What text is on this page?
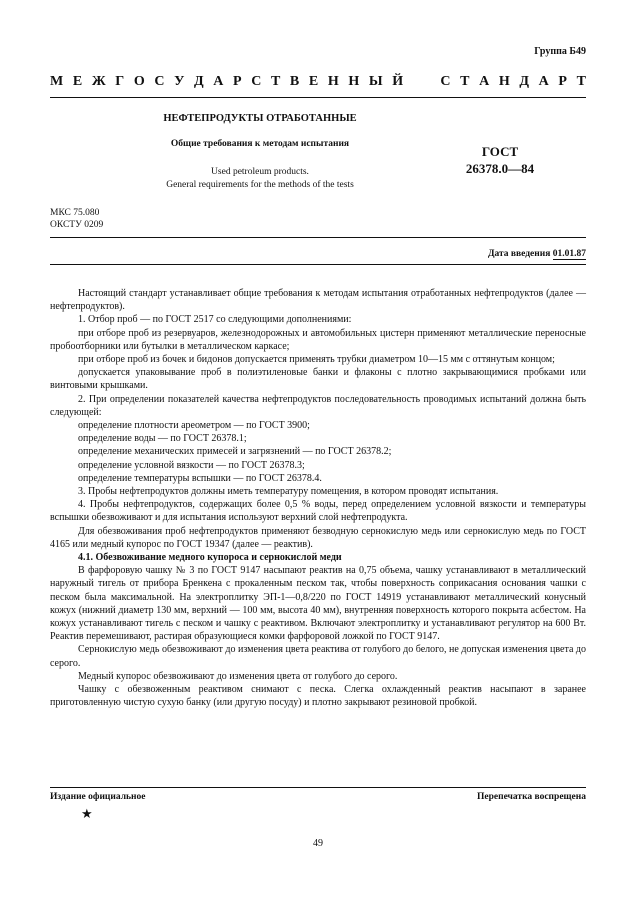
Группа Б49
М Е Ж Г О С У Д А Р С Т В Е Н Н Ы Й	С Т А Н Д А Р Т
НЕФТЕПРОДУКТЫ ОТРАБОТАННЫЕ
Общие требования к методам испытания
Used petroleum products.
General requirements for the methods of the tests
ГОСТ
26378.0—84
МКС 75.080
ОКСТУ 0209
Дата введения 01.01.87

Настоящий стандарт устанавливает общие требования к методам испытания отработанных нефтепродуктов (далее — нефтепродуктов).

1. Отбор проб — по ГОСТ 2517 со следующими дополнениями:

при отборе проб из резервуаров, железнодорожных и автомобильных цистерн применяют металлические переносные пробоотборники или бутылки в металлическом каркасе;

при отборе проб из бочек и бидонов допускается применять трубки диаметром 10—15 мм с оттянутым концом;

допускается упаковывание проб в полиэтиленовые банки и флаконы с плотно закрывающимися пробками или винтовыми крышками.

2. При определении показателей качества нефтепродуктов последовательность проводимых испытаний должна быть следующей:

определение плотности ареометром — по ГОСТ 3900;

определение воды — по ГОСТ 26378.1;

определение механических примесей и загрязнений — по ГОСТ 26378.2;

определение условной вязкости — по ГОСТ 26378.3;

определение температуры вспышки — по ГОСТ 26378.4.

3. Пробы нефтепродуктов должны иметь температуру помещения, в котором проводят испытания.

4. Пробы нефтепродуктов, содержащих более 0,5 % воды, перед определением условной вязкости и температуры вспышки обезвоживают и для испытания используют верхний слой нефтепродукта.

Для обезвоживания проб нефтепродуктов применяют безводную сернокислую медь или сернокислую медь по ГОСТ 4165 или медный купорос по ГОСТ 19347 (далее — реактив).

4.1. Обезвоживание медного купороса и сернокислой меди

В фарфоровую чашку № 3 по ГОСТ 9147 насыпают реактив на 0,75 объема, чашку устанавливают в металлический наружный тигель от прибора Бренкена с прокаленным песком так, чтобы поверхность соприкасания основания чашки с песком была максимальной. На электроплитку ЭП-1—0,8/220 по ГОСТ 14919 устанавливают металлический конусный кожух (нижний диаметр 130 мм, верхний — 100 мм, высота 40 мм), внутренняя поверхность которого покрыта асбестом. На кожух устанавливают тигель с песком и чашку с реактивом. Включают электроплитку и устанавливают регулятор на 600 Вт. Реактив перемешивают, растирая образующиеся комки фарфоровой ложкой по ГОСТ 9147.

Сернокислую медь обезвоживают до изменения цвета реактива от голубого до белого, не допуская изменения цвета до серого.

Медный купорос обезвоживают до изменения цвета от голубого до серого.

Чашку с обезвоженным реактивом снимают с песка. Слегка охлажденный реактив насыпают в заранее приготовленную чистую сухую банку (или другую посуду) и плотно закрывают резиновой пробкой.

Издание официальное	Перепечатка воспрещена
★
49
